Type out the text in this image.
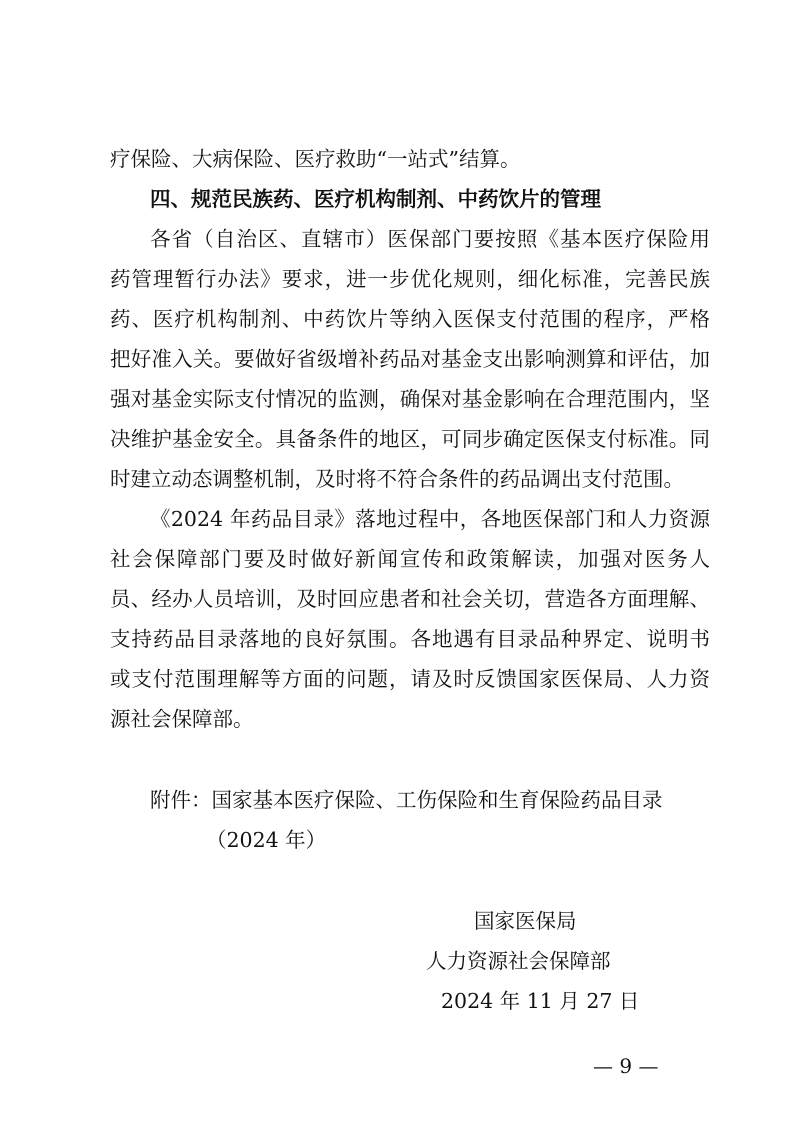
疗保险、大病保险、医疗救助“一站式”结算。
四、规范民族药、医疗机构制剂、中药饮片的管理
各省（自治区、直辖市）医保部门要按照《基本医疗保险用
药管理暂行办法》要求，进一步优化规则，细化标准，完善民族
药、医疗机构制剂、中药饮片等纳入医保支付范围的程序，严格
把好准入关。要做好省级增补药品对基金支出影响测算和评估，加
强对基金实际支付情况的监测，确保对基金影响在合理范围内，坚
决维护基金安全。具备条件的地区，可同步确定医保支付标准。同
时建立动态调整机制，及时将不符合条件的药品调出支付范围。
《2024 年药品目录》落地过程中，各地医保部门和人力资源
社会保障部门要及时做好新闻宣传和政策解读，加强对医务人
员、经办人员培训，及时回应患者和社会关切，营造各方面理解、
支持药品目录落地的良好氛围。各地遇有目录品种界定、说明书
或支付范围理解等方面的问题，请及时反馈国家医保局、人力资
源社会保障部。
附件：国家基本医疗保险、工伤保险和生育保险药品目录
（2024 年）
国家医保局
人力资源社会保障部
2024 年 11 月 27 日
— 9 —
